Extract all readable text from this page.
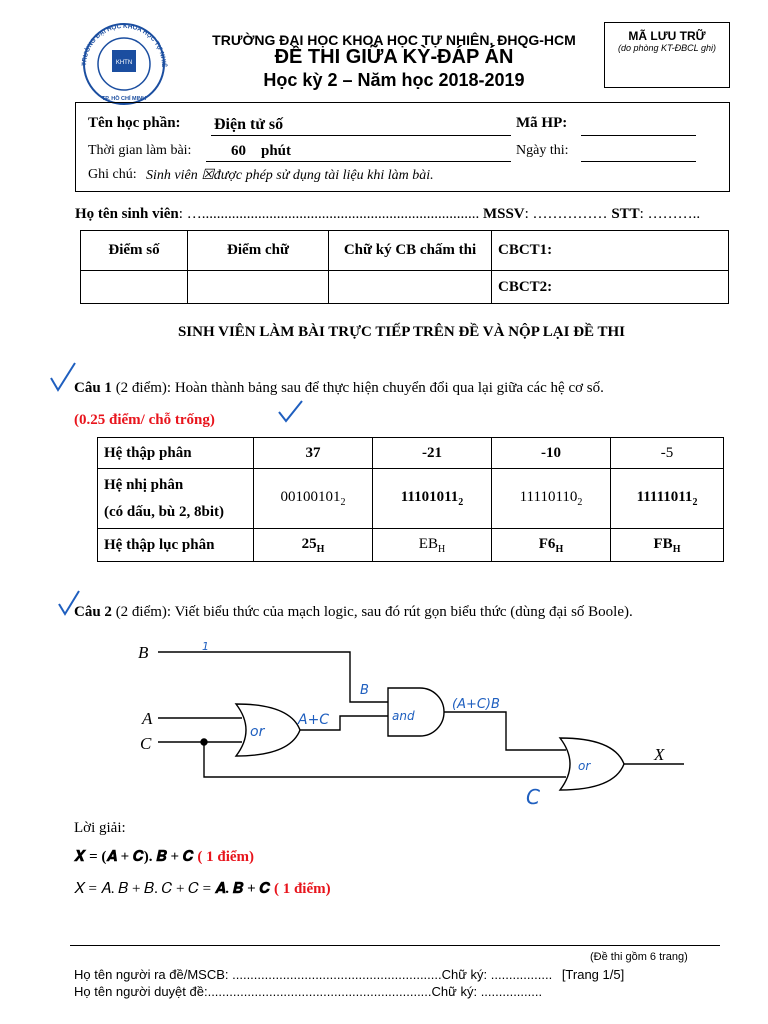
TRƯỜNG ĐẠI HỌC KHOA HỌC TỰ NHIÊ
KHTN
TP. HỒ CHÍ MINH
TRƯỜNG ĐẠI HỌC KHOA HỌC TỰ NHIÊN, ĐHQG-HCM
ĐỀ THI GIỮA KỲ-ĐÁP ÁN
Học kỳ 2 – Năm học 2018-2019
MÃ LƯU TRỮ
(do phòng KT-ĐBCL ghi)
Tên học phần: Điện tử số	Mã HP:
Thời gian làm bài:	60 phút	Ngày thi:
Ghi chú: Sinh viên ☒được phép sử dụng tài liệu khi làm bài.
Họ tên sinh viên: ….......................................................................... MSSV: …………… STT: ………..
Điểm số	Điểm chữ	Chữ ký CB chấm thi	CBCT1:
			CBCT2:
SINH VIÊN LÀM BÀI TRỰC TIẾP TRÊN ĐỀ VÀ NỘP LẠI ĐỀ THI
Câu 1 (2 điểm): Hoàn thành bảng sau để thực hiện chuyển đổi qua lại giữa các hệ cơ số.
(0.25 điểm/ chỗ trống)
Hệ thập phân	37	-21	-10	-5

Hệ nhị phân
(có dấu, bù 2, 8bit)	$00100101_2$	$11101011_2$	$11110110_2$	$11111011_2$
Hệ thập lục phân	$25_H$	$EB_H$	$F6_H$	$FB_H$
Câu 2 (2 điểm): Viết biểu thức của mạch logic, sau đó rút gọn biểu thức (dùng đại số Boole).
B
A
C
X
1
or
A+C
B
and
(A+C)B
or
C
Lời giải:
𝑿 = (𝑨 + 𝑪). 𝑩 + 𝑪 ( 1 điểm)
𝑋 = 𝐴. 𝐵 + 𝐵. 𝐶 + 𝐶 = 𝑨. 𝑩 + 𝑪 ( 1 điểm)
(Đề thi gồm 6 trang)
Họ tên người ra đề/MSCB: ..........................................................Chữ ký: ................. [Trang 1/5]
Họ tên người duyệt đề:..............................................................Chữ ký: .................
